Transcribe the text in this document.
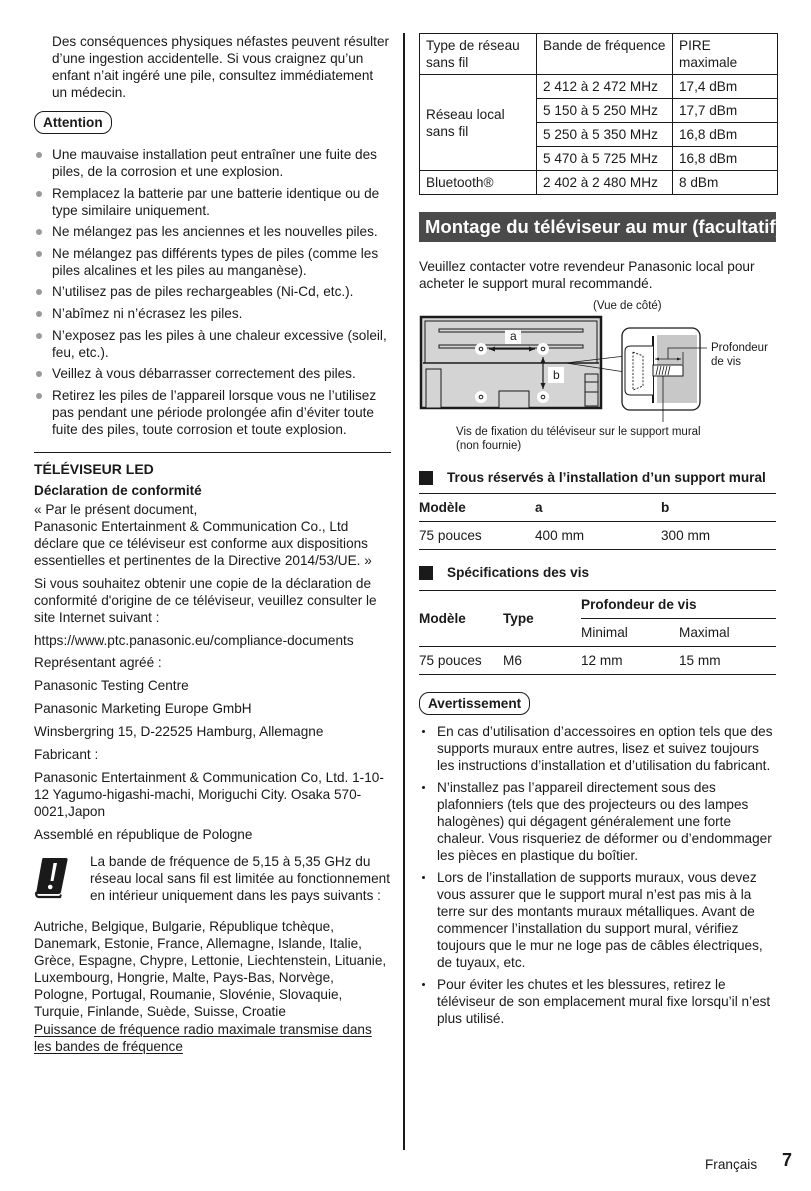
Des conséquences physiques néfastes peuvent résulter d’une ingestion accidentelle. Si vous craignez qu’un enfant n’ait ingéré une pile, consultez immédiatement un médecin.

Attention
Une mauvaise installation peut entraîner une fuite des piles, de la corrosion et une explosion.
Remplacez la batterie par une batterie identique ou de type similaire uniquement.
Ne mélangez pas les anciennes et les nouvelles piles.
Ne mélangez pas différents types de piles (comme les piles alcalines et les piles au manganèse).
N’utilisez pas de piles rechargeables (Ni-Cd, etc.).
N’abîmez ni n’écrasez les piles.
N’exposez pas les piles à une chaleur excessive (soleil, feu, etc.).
Veillez à vous débarrasser correctement des piles.
Retirez les piles de l’appareil lorsque vous ne l’utilisez pas pendant une période prolongée afin d’éviter toute fuite des piles, toute corrosion et toute explosion.
TÉLÉVISEUR LED
Déclaration de conformité
« Par le présent document,
Panasonic Entertainment & Communication Co., Ltd déclare que ce téléviseur est conforme aux dispositions essentielles et pertinentes de la Directive 2014/53/UE. »
Si vous souhaitez obtenir une copie de la déclaration de conformité d'origine de ce téléviseur, veuillez consulter le site Internet suivant :
https://www.ptc.panasonic.eu/compliance-documents
Représentant agréé :
Panasonic Testing Centre
Panasonic Marketing Europe GmbH
Winsbergring 15, D-22525 Hamburg, Allemagne
Fabricant :
Panasonic Entertainment & Communication Co, Ltd. 1-10-12 Yagumo-higashi-machi, Moriguchi City. Osaka 570-0021,Japon
Assemblé en république de Pologne

La bande de fréquence de 5,15 à 5,35 GHz du réseau local sans fil est limitée au fonctionnement en intérieur uniquement dans les pays suivants :

Autriche, Belgique, Bulgarie, République tchèque, Danemark, Estonie, France, Allemagne, Islande, Italie, Grèce, Espagne, Chypre, Lettonie, Liechtenstein, Lituanie, Luxembourg, Hongrie, Malte, Pays-Bas, Norvège, Pologne, Portugal, Roumanie, Slovénie, Slovaquie, Turquie, Finlande, Suède, Suisse, Croatie

Puissance de fréquence radio maximale transmise dans les bandes de fréquence

Type de réseau sans fil	Bande de fréquence	PIRE maximale
Réseau local sans fil	2 412 à 2 472 MHz	17,4 dBm
	5 150 à 5 250 MHz	17,7 dBm
	5 250 à 5 350 MHz	16,8 dBm
	5 470 à 5 725 MHz	16,8 dBm
Bluetooth®	2 402 à 2 480 MHz	8 dBm
Montage du téléviseur au mur (facultatif)

Veuillez contacter votre revendeur Panasonic local pour acheter le support mural recommandé.

(Vue de côté)
a
b
Profondeur de vis
Vis de fixation du téléviseur sur le support mural (non fournie)
Trous réservés à l’installation d’un support mural
Modèle	a	b
75 pouces	400 mm	300 mm
Spécifications des vis
Modèle	Type	Profondeur de vis	
		Minimal	Maximal
75 pouces	M6	12 mm	15 mm
Avertissement
En cas d’utilisation d’accessoires en option tels que des supports muraux entre autres, lisez et suivez toujours les instructions d’installation et d’utilisation du fabricant.
N’installez pas l’appareil directement sous des plafonniers (tels que des projecteurs ou des lampes halogènes) qui dégagent généralement une forte chaleur. Vous risqueriez de déformer ou d’endommager les pièces en plastique du boîtier.
Lors de l’installation de supports muraux, vous devez vous assurer que le support mural n’est pas mis à la terre sur des montants muraux métalliques. Avant de commencer l’installation du support mural, vérifiez toujours que le mur ne loge pas de câbles électriques, de tuyaux, etc.
Pour éviter les chutes et les blessures, retirez le téléviseur de son emplacement mural fixe lorsqu’il n’est plus utilisé.
Français 7
